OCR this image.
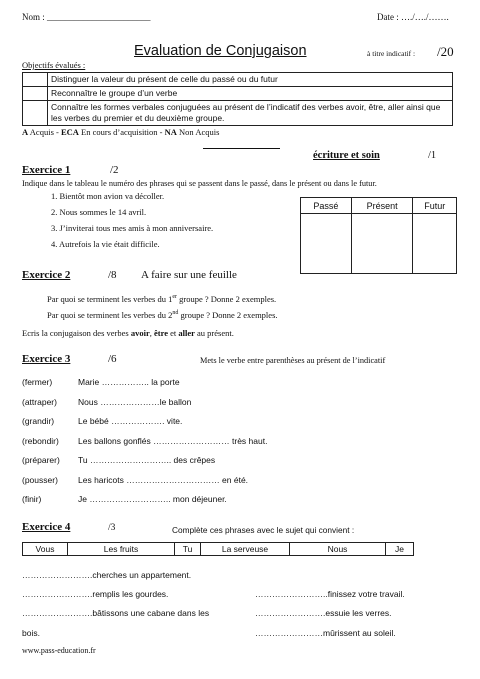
Nom : _______________________	Date : …./…./…….
Evaluation de Conjugaison	à titre indicatif : /20
Objectifs évalués :
	Distinguer la valeur du présent de celle du passé ou du futur
	Reconnaître le groupe d’un verbe
	Connaître les formes verbales conjuguées au présent de l’indicatif des verbes avoir, être, aller ainsi que les verbes du premier et du deuxième groupe.
A Acquis - ECA En cours d’acquisition - NA Non Acquis
écriture et soin	/1
Exercice 1	/2
Indique dans le tableau le numéro des phrases qui se passent dans le passé, dans le présent ou dans le futur.
1. Bientôt mon avion va décoller.
2. Nous sommes le 14 avril.
3. J’inviterai tous mes amis à mon anniversaire.
4. Autrefois la vie était difficile.
Passé	Présent	Futur

Exercice 2	/8 A faire sur une feuille
Par quoi se terminent les verbes du 1er groupe ? Donne 2 exemples.
Par quoi se terminent les verbes du 2nd groupe ? Donne 2 exemples.
Ecris la conjugaison des verbes avoir, être et aller au présent.
Exercice 3	/6	Mets le verbe entre parenthèses au présent de l’indicatif
(fermer)	Marie …………….. la porte
(attraper) Nous …………………le ballon
(grandir)	Le bébé ………………. vite.
(rebondir) Les ballons gonflés ……………………… très haut.
(préparer) Tu ……………………….. des crêpes
(pousser) Les haricots …………………………… en été.
(finir)	Je ……………………….. mon déjeuner.
Exercice 4	/3	Complète ces phrases avec le sujet qui convient :
Vous	Les fruits	Tu	La serveuse	Nous	Je
…………………….cherches un appartement.
…………………….remplis les gourdes.
…………………….bâtissons une cabane dans les
bois.
……………………..finissez votre travail.
…………………….essuie les verres.
……………………mûrissent au soleil.
www.pass-education.fr
